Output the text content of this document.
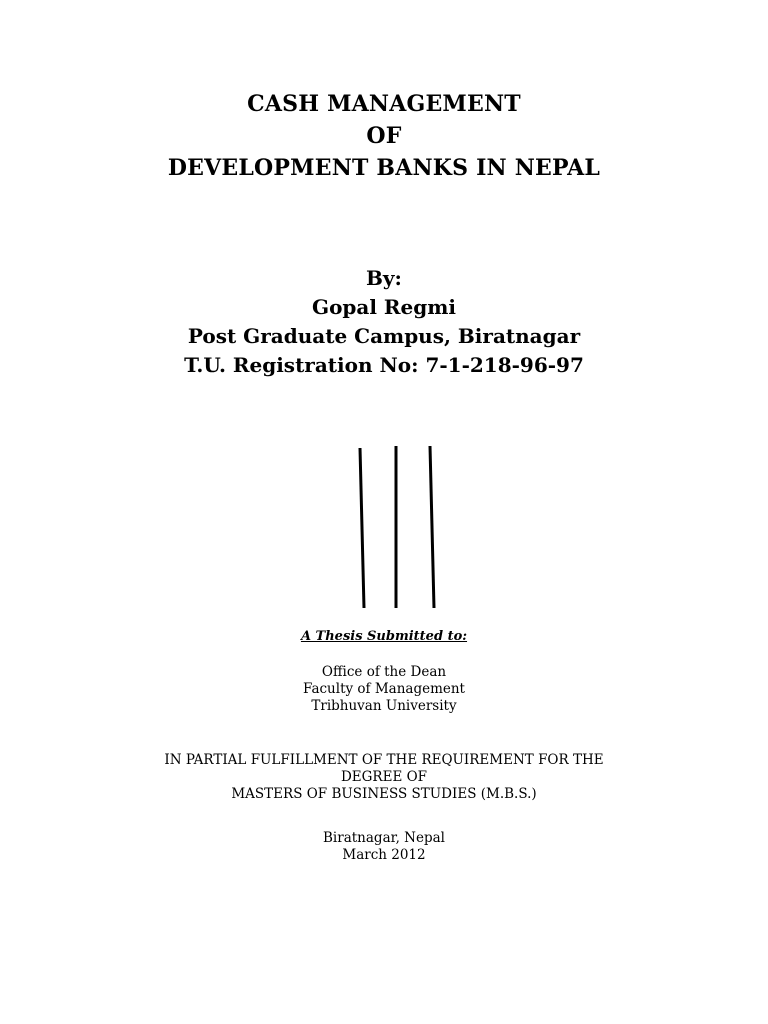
CASH MANAGEMENT
OF
DEVELOPMENT BANKS IN NEPAL
By:
Gopal Regmi
Post Graduate Campus, Biratnagar
T.U. Registration No: 7-1-218-96-97
A Thesis Submitted to:
Office of the Dean
Faculty of Management
Tribhuvan University
IN PARTIAL FULFILLMENT OF THE REQUIREMENT FOR THE
DEGREE OF
MASTERS OF BUSINESS STUDIES (M.B.S.)
Biratnagar, Nepal
March 2012
